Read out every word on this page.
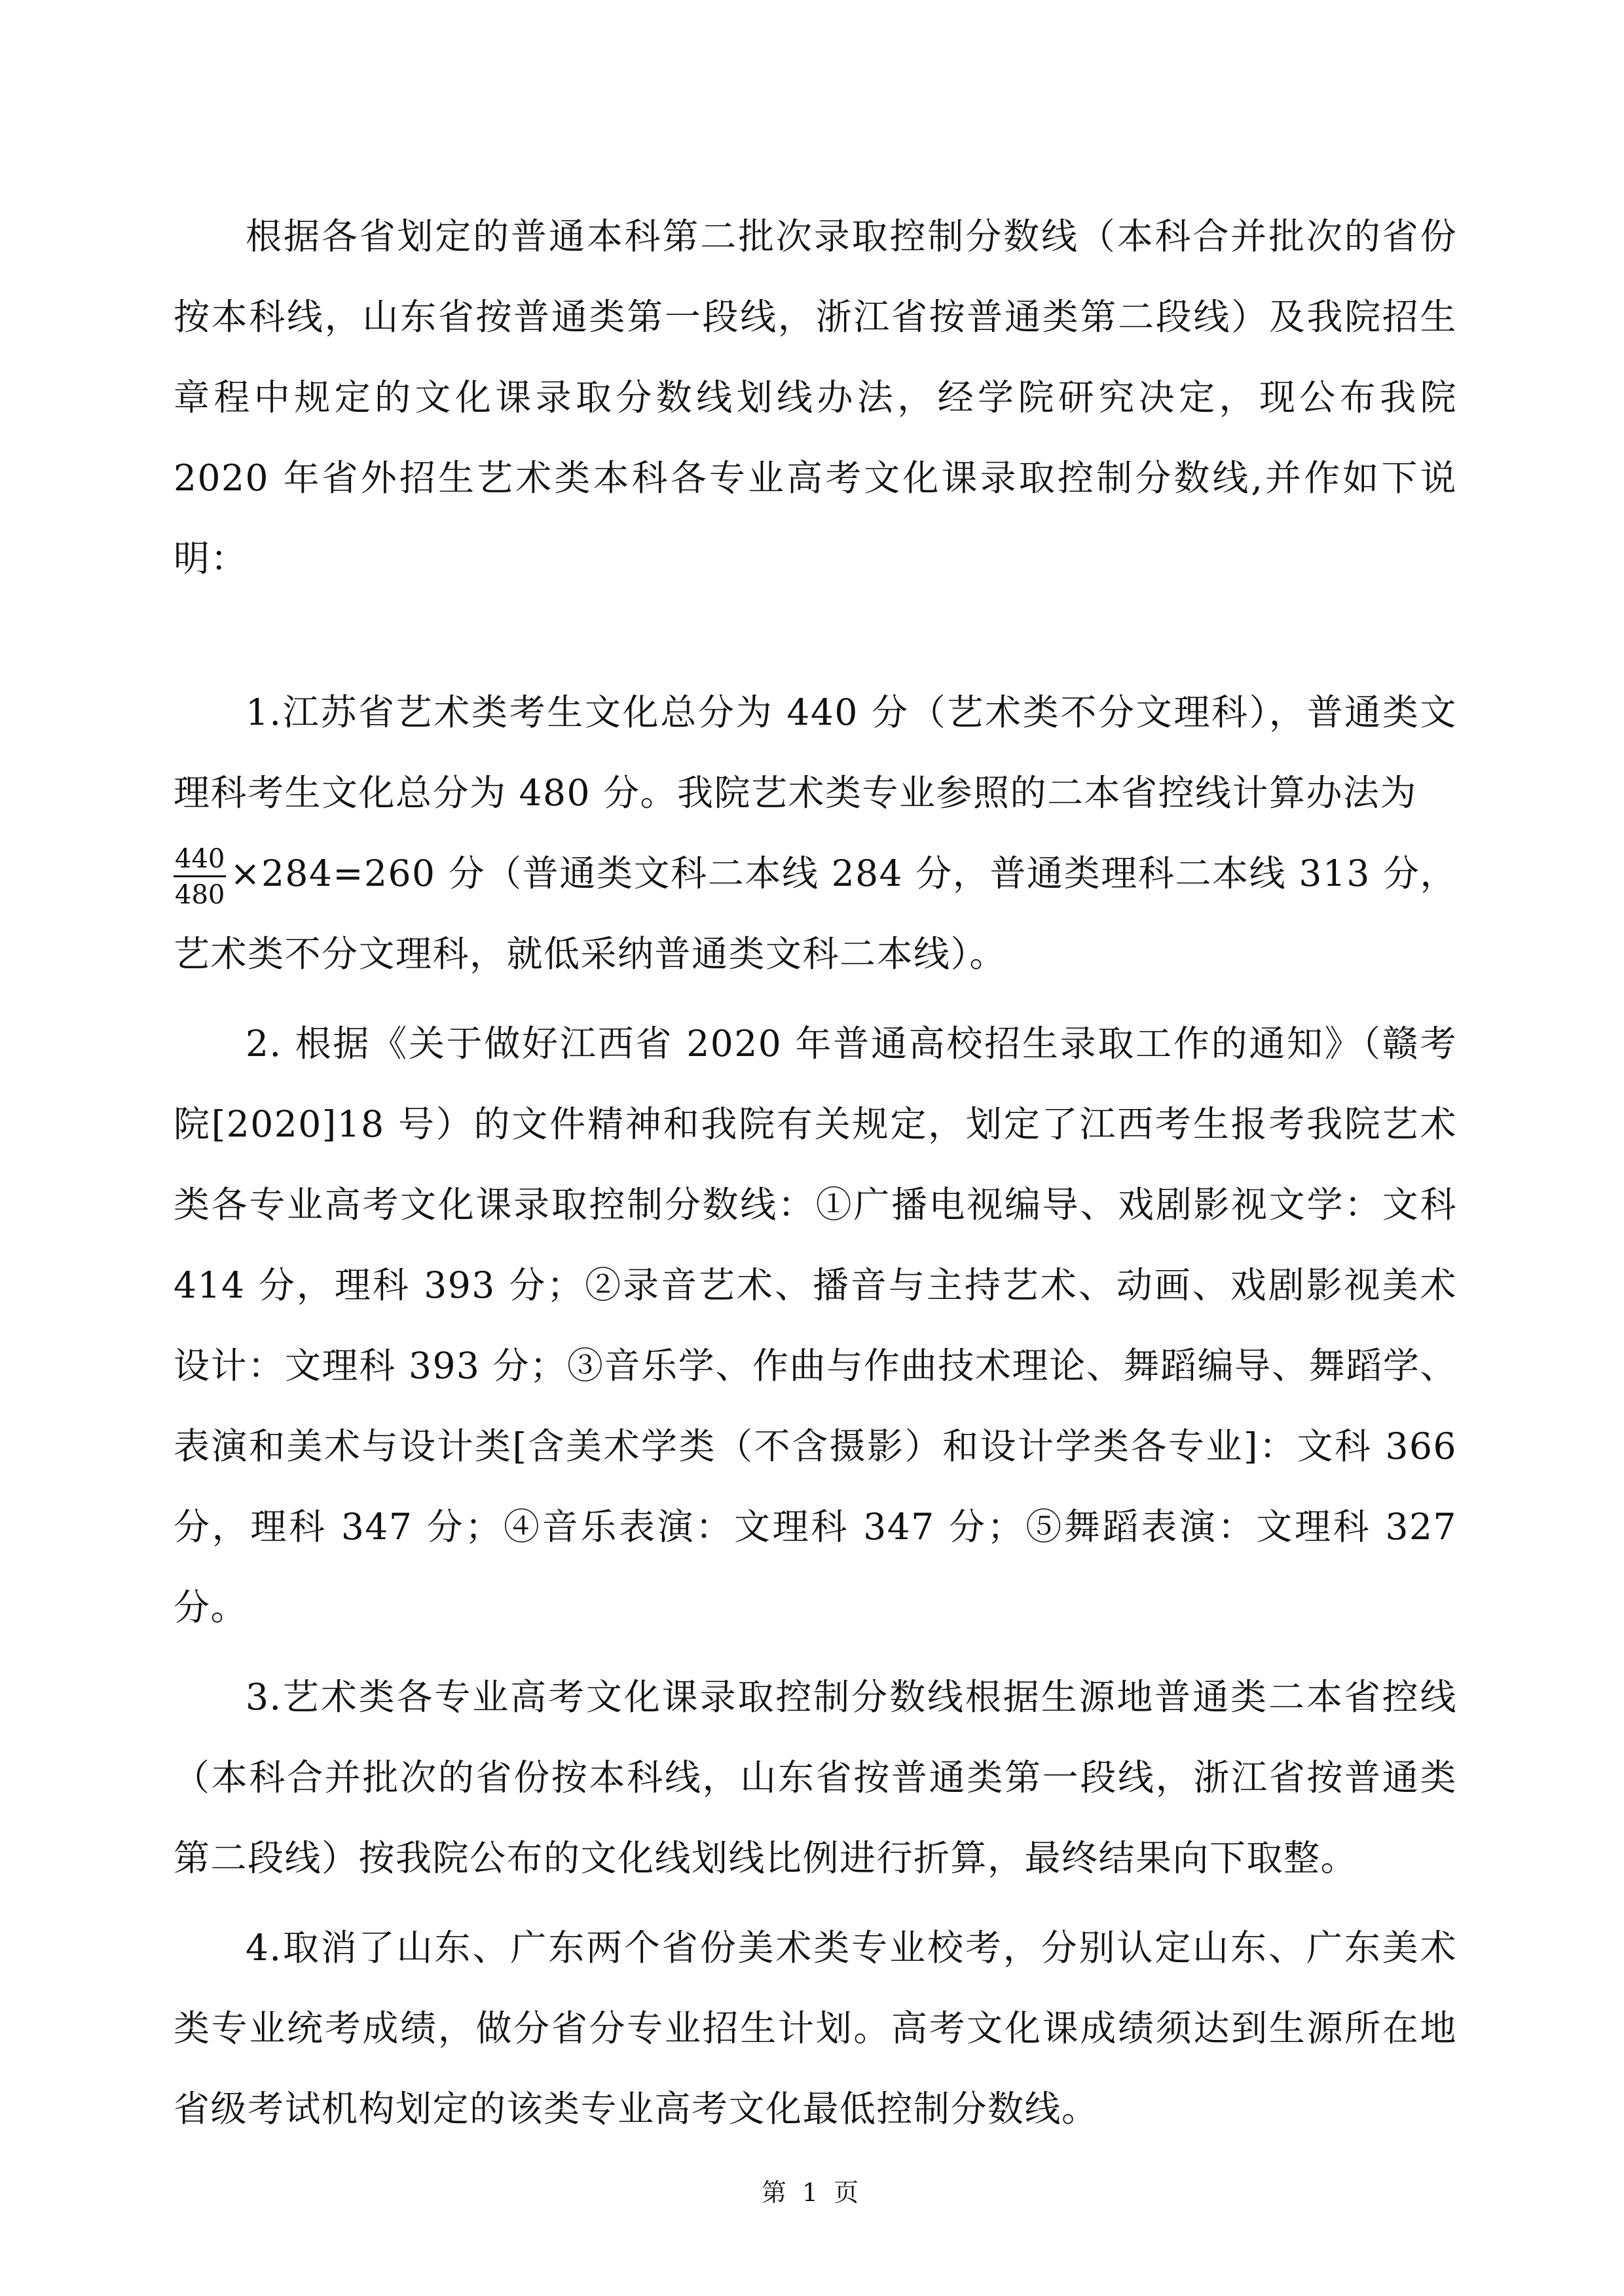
根据各省划定的普通本科第二批次录取控制分数线（本科合并批次的省份按本科线，山东省按普通类第一段线，浙江省按普通类第二段线）及我院招生章程中规定的文化课录取分数线划线办法，经学院研究决定，现公布我院 2020 年省外招生艺术类本科各专业高考文化课录取控制分数线,并作如下说明：

1.江苏省艺术类考生文化总分为 440 分（艺术类不分文理科），普通类文理科考生文化总分为 480 分。我院艺术类专业参照的二本省控线计算办法为

$\frac{440}{480} \times 284=260$ 分（普通类文科二本线 284 分，普通类理科二本线 313 分，艺术类不分文理科，就低采纳普通类文科二本线）。

2. 根据《关于做好江西省 2020 年普通高校招生录取工作的通知》（赣考院[2020]18 号）的文件精神和我院有关规定，划定了江西考生报考我院艺术类各专业高考文化课录取控制分数线：①广播电视编导、戏剧影视文学：文科 414 分，理科 393 分；②录音艺术、播音与主持艺术、动画、戏剧影视美术设计：文理科 393 分；③音乐学、作曲与作曲技术理论、舞蹈编导、舞蹈学、表演和美术与设计类[含美术学类（不含摄影）和设计学类各专业]：文科 366 分，理科 347 分；④音乐表演：文理科 347 分；⑤舞蹈表演：文理科 327 分。

3.艺术类各专业高考文化课录取控制分数线根据生源地普通类二本省控线（本科合并批次的省份按本科线，山东省按普通类第一段线，浙江省按普通类第二段线）按我院公布的文化线划线比例进行折算，最终结果向下取整。

4.取消了山东、广东两个省份美术类专业校考，分别认定山东、广东美术类专业统考成绩，做分省分专业招生计划。高考文化课成绩须达到生源所在地省级考试机构划定的该类专业高考文化最低控制分数线。

第 1 页
